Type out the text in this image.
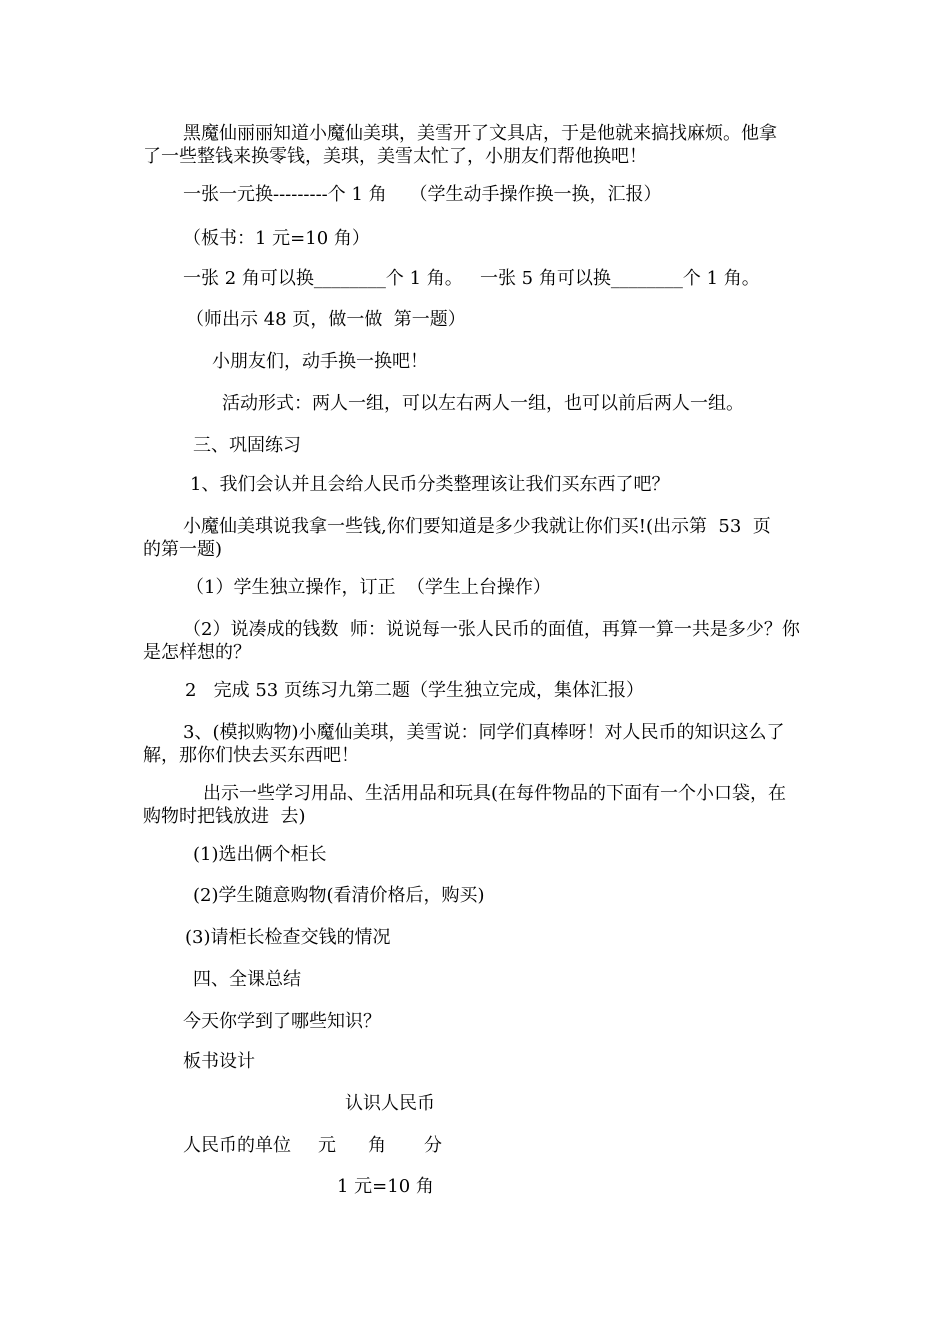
黑魔仙丽丽知道小魔仙美琪，美雪开了文具店，于是他就来搞找麻烦。他拿
了一些整钱来换零钱，美琪，美雪太忙了，小朋友们帮他换吧！
一张一元换---------个 1 角    （学生动手操作换一换，汇报）
（板书：1 元=10 角）
一张 2 角可以换________个 1 角。   一张 5 角可以换________个 1 角。
（师出示 48 页，做一做  第一题）
小朋友们，动手换一换吧！
活动形式：两人一组，可以左右两人一组，也可以前后两人一组。
三、巩固练习
1、我们会认并且会给人民币分类整理该让我们买东西了吧？
小魔仙美琪说我拿一些钱,你们要知道是多少我就让你们买!(出示第  53  页
的第一题)
（1）学生独立操作，订正  （学生上台操作）
（2）说凑成的钱数  师：说说每一张人民币的面值，再算一算一共是多少？你
是怎样想的？
2   完成 53 页练习九第二题（学生独立完成，集体汇报）
3、(模拟购物)小魔仙美琪，美雪说：同学们真棒呀！对人民币的知识这么了
解，那你们快去买东西吧！
出示一些学习用品、生活用品和玩具(在每件物品的下面有一个小口袋，在
购物时把钱放进  去)
(1)选出俩个柜长
(2)学生随意购物(看清价格后，购买)
(3)请柜长检查交钱的情况
四、全课总结
今天你学到了哪些知识？
板书设计
认识人民币
人民币的单位 元 角 分
1 元=10 角
